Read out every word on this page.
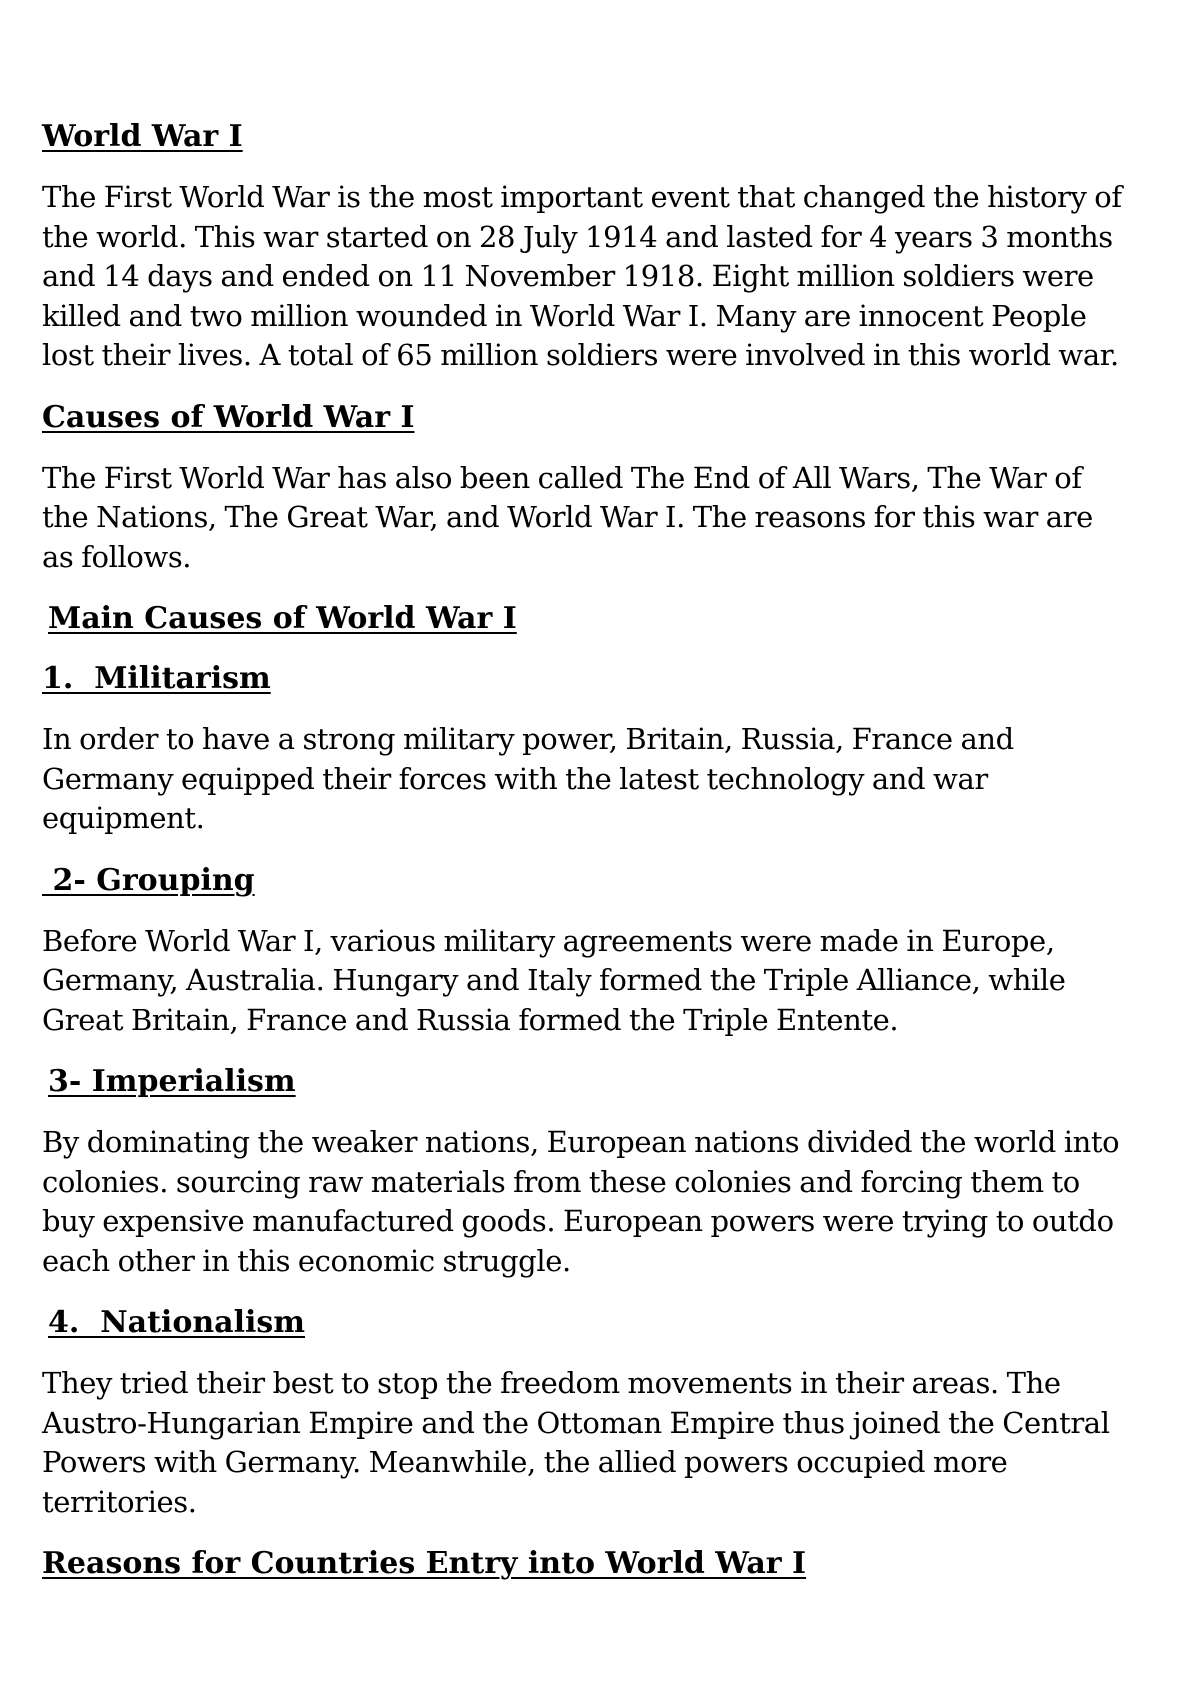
World War I

The First World War is the most important event that changed the history of the world. This war started on 28 July 1914 and lasted for 4 years 3 months and 14 days and ended on 11 November 1918. Eight million soldiers were killed and two million wounded in World War I. Many are innocent People lost their lives. A total of 65 million soldiers were involved in this world war.

Causes of World War I

The First World War has also been called The End of All Wars, The War of the Nations, The Great War, and World War I. The reasons for this war are as follows.

Main Causes of World War I
1.  Militarism

In order to have a strong military power, Britain, Russia, France and Germany equipped their forces with the latest technology and war equipment.

2- Grouping

Before World War I, various military agreements were made in Europe, Germany, Australia. Hungary and Italy formed the Triple Alliance, while Great Britain, France and Russia formed the Triple Entente.

3- Imperialism

By dominating the weaker nations, European nations divided the world into colonies. sourcing raw materials from these colonies and forcing them to buy expensive manufactured goods. European powers were trying to outdo each other in this economic struggle.

4.  Nationalism

They tried their best to stop the freedom movements in their areas. The Austro-Hungarian Empire and the Ottoman Empire thus joined the Central Powers with Germany. Meanwhile, the allied powers occupied more territories.

Reasons for Countries Entry into World War I
